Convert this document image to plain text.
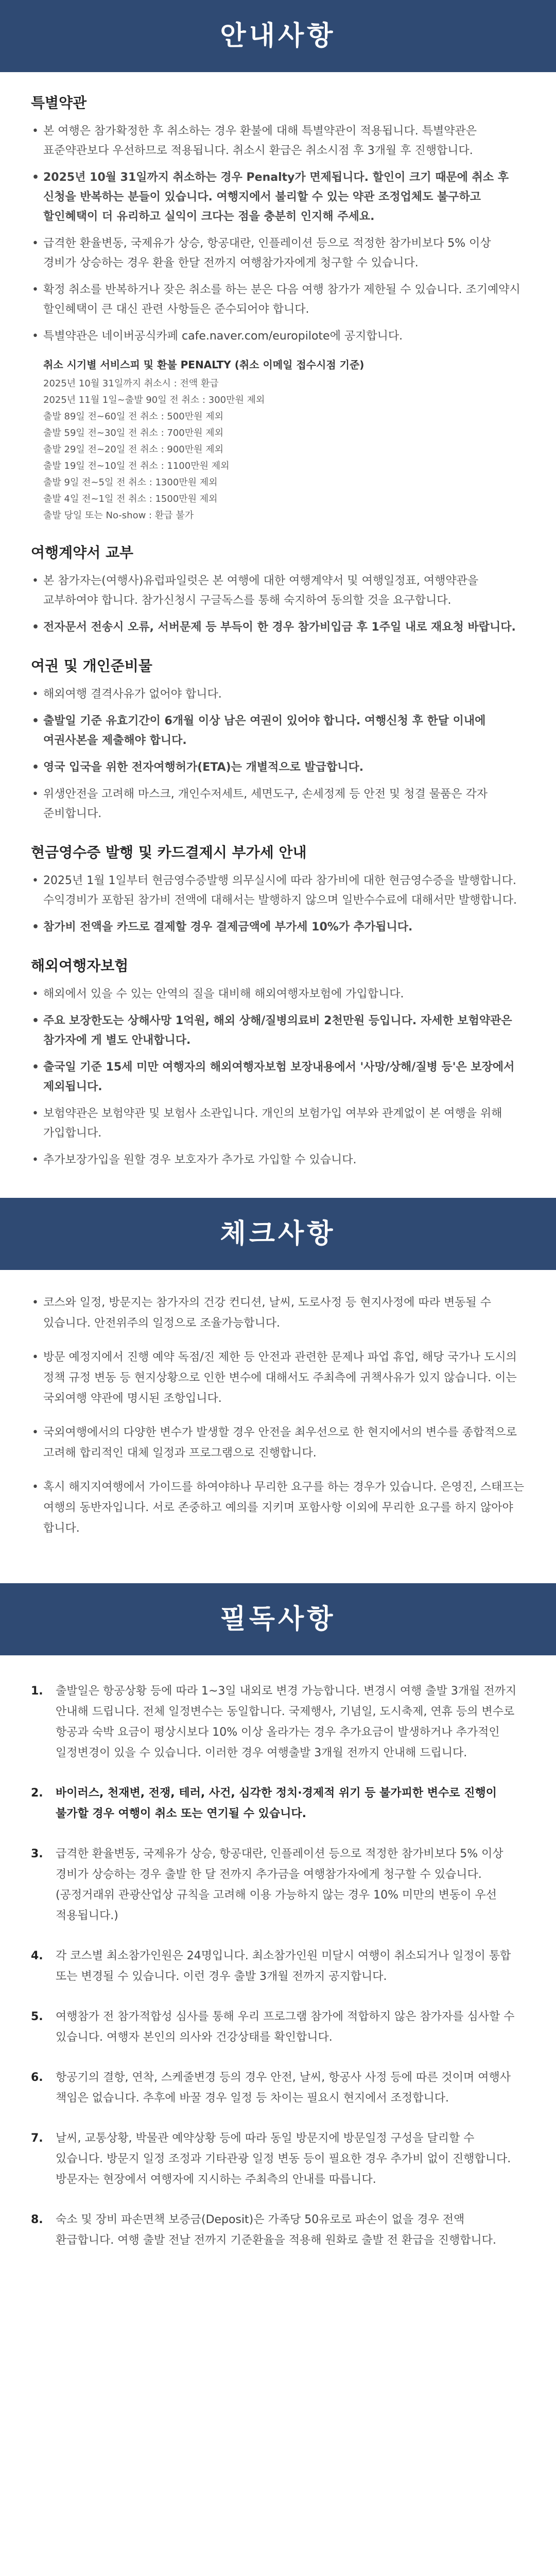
안내사항
특별약관
• 본 여행은 참가확정한 후 취소하는 경우 환불에 대해 특별약관이 적용됩니다. 특별약관은 표준약관보다 우선하므로 적용됩니다. 취소시 환급은 취소시점 후 3개월 후 진행합니다.
• 2025년 10월 31일까지 취소하는 경우 Penalty가 면제됩니다. 할인이 크기 때문에 취소 후 신청을 반복하는 분들이 있습니다. 여행지에서 불리할 수 있는 약관 조정업체도 불구하고 할인혜택이 더 유리하고 실익이 크다는 점을 충분히 인지해 주세요.
• 급격한 환율변동, 국제유가 상승, 항공대란, 인플레이션 등으로 적정한 참가비보다 5% 이상 경비가 상승하는 경우 환율 한달 전까지 여행참가자에게 청구할 수 있습니다.
• 확정 취소를 반복하거나 잦은 취소를 하는 분은 다음 여행 참가가 제한될 수 있습니다. 조기예약시 할인혜택이 큰 대신 관련 사항들은 준수되어야 합니다.
• 특별약관은 네이버공식카페 cafe.naver.com/europilote에 공지합니다.
취소 시기별 서비스피 및 환불 PENALTY (취소 이메일 접수시점 기준)
2025년 10월 31일까지 취소시 : 전액 환급
2025년 11월 1일~출발 90일 전 취소 : 300만원 제외
출발 89일 전~60일 전 취소 : 500만원 제외
출발 59일 전~30일 전 취소 : 700만원 제외
출발 29일 전~20일 전 취소 : 900만원 제외
출발 19일 전~10일 전 취소 : 1100만원 제외
출발 9일 전~5일 전 취소 : 1300만원 제외
출발 4일 전~1일 전 취소 : 1500만원 제외
출발 당일 또는 No-show : 환급 불가
여행계약서 교부
• 본 참가자는(여행사)유럽파일럿은 본 여행에 대한 여행계약서 및 여행일정표, 여행약관을 교부하여야 합니다. 참가신청시 구글독스를 통해 숙지하여 동의할 것을 요구합니다.
• 전자문서 전송시 오류, 서버문제 등 부득이 한 경우 참가비입금 후 1주일 내로 재요청 바랍니다.
여권 및 개인준비물
• 해외여행 결격사유가 없어야 합니다.
• 출발일 기준 유효기간이 6개월 이상 남은 여권이 있어야 합니다. 여행신청 후 한달 이내에 여권사본을 제출해야 합니다.
• 영국 입국을 위한 전자여행허가(ETA)는 개별적으로 발급합니다.
• 위생안전을 고려해 마스크, 개인수저세트, 세면도구, 손세정제 등 안전 및 청결 물품은 각자 준비합니다.
현금영수증 발행 및 카드결제시 부가세 안내
• 2025년 1월 1일부터 현금영수증발행 의무실시에 따라 참가비에 대한 현금영수증을 발행합니다. 수익경비가 포함된 참가비 전액에 대해서는 발행하지 않으며 일반수수료에 대해서만 발행합니다.
• 참가비 전액을 카드로 결제할 경우 결제금액에 부가세 10%가 추가됩니다.
해외여행자보험
• 해외에서 있을 수 있는 안역의 질을 대비해 해외여행자보험에 가입합니다.
• 주요 보장한도는 상해사망 1억원, 해외 상해/질병의료비 2천만원 등입니다. 자세한 보험약관은 참가자에 게 별도 안내합니다.
• 출국일 기준 15세 미만 여행자의 해외여행자보험 보장내용에서 '사망/상해/질병 등'은 보장에서 제외됩니다.
• 보험약관은 보험약관 및 보험사 소관입니다. 개인의 보험가입 여부와 관계없이 본 여행을 위해 가입합니다.
• 추가보장가입을 원할 경우 보호자가 추가로 가입할 수 있습니다.
체크사항
• 코스와 일정, 방문지는 참가자의 건강 컨디션, 날씨, 도로사정 등 현지사정에 따라 변동될 수 있습니다. 안전위주의 일정으로 조율가능합니다.
• 방문 예정지에서 진행 예약 독점/진 제한 등 안전과 관련한 문제나 파업 휴업, 해당 국가나 도시의 정책 규정 변동 등 현지상황으로 인한 변수에 대해서도 주최측에 귀책사유가 있지 않습니다. 이는 국외여행 약관에 명시된 조항입니다.
• 국외여행에서의 다양한 변수가 발생할 경우 안전을 최우선으로 한 현지에서의 변수를 종합적으로 고려해 합리적인 대체 일정과 프로그램으로 진행합니다.
• 혹시 해지지여행에서 가이드를 하여야하나 무리한 요구를 하는 경우가 있습니다. 은영진, 스태프는 여행의 동반자입니다. 서로 존중하고 예의를 지키며 포함사항 이외에 무리한 요구를 하지 않아야 합니다.
필독사항
1. 출발일은 항공상황 등에 따라 1~3일 내외로 변경 가능합니다. 변경시 여행 출발 3개월 전까지 안내해 드립니다. 전체 일정변수는 동일합니다. 국제행사, 기념일, 도시축제, 연휴 등의 변수로 항공과 숙박 요금이 평상시보다 10% 이상 올라가는 경우 추가요금이 발생하거나 추가적인 일정변경이 있을 수 있습니다. 이러한 경우 여행출발 3개월 전까지 안내해 드립니다.
2. 바이러스, 천재변, 전쟁, 테러, 사건, 심각한 정치·경제적 위기 등 불가피한 변수로 진행이 불가할 경우 여행이 취소 또는 연기될 수 있습니다.
3. 급격한 환율변동, 국제유가 상승, 항공대란, 인플레이션 등으로 적정한 참가비보다 5% 이상 경비가 상승하는 경우 출발 한 달 전까지 추가금을 여행참가자에게 청구할 수 있습니다. (공정거래위 관광산업상 규칙을 고려해 이용 가능하지 않는 경우 10% 미만의 변동이 우선 적용됩니다.)
4. 각 코스별 최소참가인원은 24명입니다. 최소참가인원 미달시 여행이 취소되거나 일정이 통합 또는 변경될 수 있습니다. 이런 경우 출발 3개월 전까지 공지합니다.
5. 여행참가 전 참가적합성 심사를 통해 우리 프로그램 참가에 적합하지 않은 참가자를 심사할 수 있습니다. 여행자 본인의 의사와 건강상태를 확인합니다.
6. 항공기의 결항, 연착, 스케줄변경 등의 경우 안전, 날씨, 항공사 사정 등에 따른 것이며 여행사 책임은 없습니다. 추후에 바꿀 경우 일정 등 차이는 필요시 현지에서 조정합니다.
7. 날씨, 교통상황, 박물관 예약상황 등에 따라 동일 방문지에 방문일정 구성을 달리할 수 있습니다. 방문지 일정 조정과 기타관광 일정 변동 등이 필요한 경우 추가비 없이 진행합니다. 방문자는 현장에서 여행자에 지시하는 주최측의 안내를 따릅니다.
8. 숙소 및 장비 파손면책 보증금(Deposit)은 가족당 50유로로 파손이 없을 경우 전액 환급합니다. 여행 출발 전날 전까지 기준환율을 적용해 원화로 출발 전 환급을 진행합니다.
